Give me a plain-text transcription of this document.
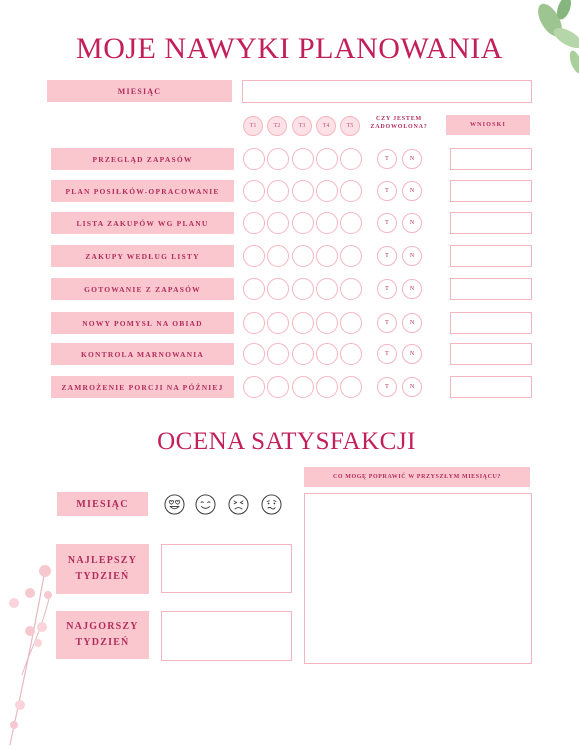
MOJE NAWYKI PLANOWANIA
MIESIĄC
T1	T2	T3	T4	T5
CZY JESTEM ZADOWOLONA?	WNIOSKI
PRZEGLĄD ZAPASÓW	T	N
PLAN POSIŁKÓW-OPRACOWANIE	T	N
LISTA ZAKUPÓW WG PLANU	T	N
ZAKUPY WEDŁUG LISTY	T	N
GOTOWANIE Z ZAPASÓW	T	N
NOWY POMYSŁ NA OBIAD	T	N
KONTROLA MARNOWANIA	T	N
ZAMROŻENIE PORCJI NA PÓŹNIEJ	T	N
OCENA SATYSFAKCJI
CO MOGĘ POPRAWIĆ W PRZYSZŁYM MIESIĄCU?
MIESIĄC
NAJLEPSZY TYDZIEŃ
NAJGORSZY TYDZIEŃ
